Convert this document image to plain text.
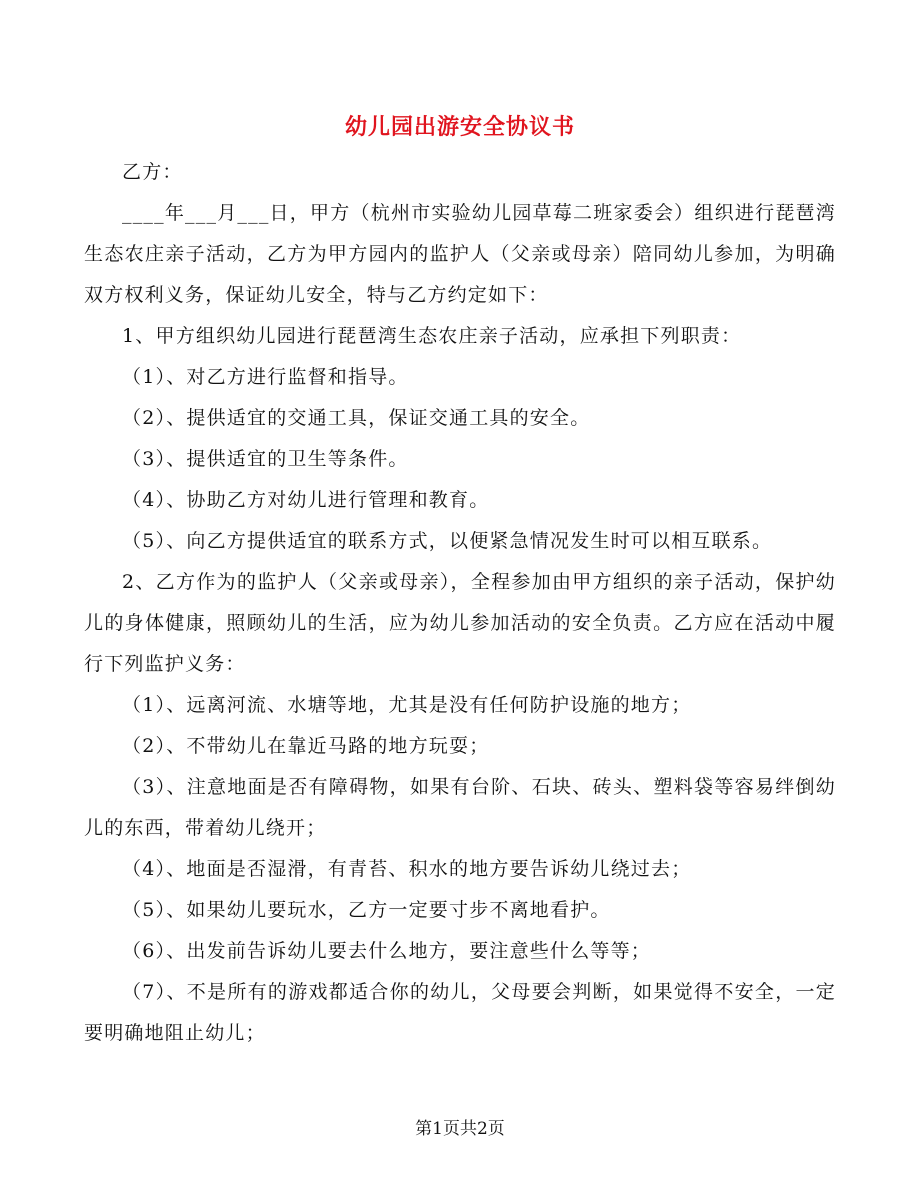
幼儿园出游安全协议书

乙方：

____年___月___日，甲方（杭州市实验幼儿园草莓二班家委会）组织进行琵琶湾生态农庄亲子活动，乙方为甲方园内的监护人（父亲或母亲）陪同幼儿参加，为明确双方权利义务，保证幼儿安全，特与乙方约定如下：

1、甲方组织幼儿园进行琵琶湾生态农庄亲子活动，应承担下列职责：

（1）、对乙方进行监督和指导。

（2）、提供适宜的交通工具，保证交通工具的安全。

（3）、提供适宜的卫生等条件。

（4）、协助乙方对幼儿进行管理和教育。

（5）、向乙方提供适宜的联系方式，以便紧急情况发生时可以相互联系。

2、乙方作为的监护人（父亲或母亲），全程参加由甲方组织的亲子活动，保护幼儿的身体健康，照顾幼儿的生活，应为幼儿参加活动的安全负责。乙方应在活动中履行下列监护义务：

（1）、远离河流、水塘等地，尤其是没有任何防护设施的地方；

（2）、不带幼儿在靠近马路的地方玩耍；

（3）、注意地面是否有障碍物，如果有台阶、石块、砖头、塑料袋等容易绊倒幼儿的东西，带着幼儿绕开；

（4）、地面是否湿滑，有青苔、积水的地方要告诉幼儿绕过去；

（5）、如果幼儿要玩水，乙方一定要寸步不离地看护。

（6）、出发前告诉幼儿要去什么地方，要注意些什么等等；

（7）、不是所有的游戏都适合你的幼儿，父母要会判断，如果觉得不安全，一定要明确地阻止幼儿；

第1页共2页
